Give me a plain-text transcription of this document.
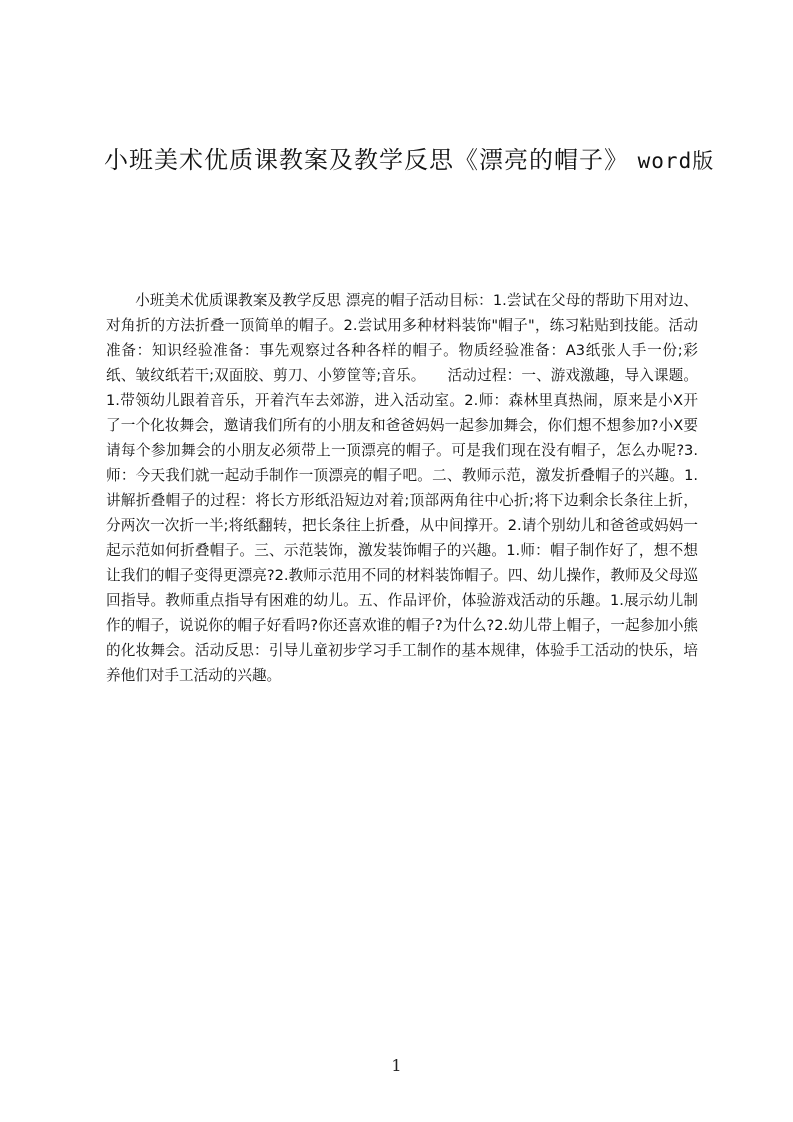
小班美术优质课教案及教学反思《漂亮的帽子》 word版
小班美术优质课教案及教学反思 漂亮的帽子活动目标：1.尝试在父母的帮助下用对边、对角折的方法折叠一顶简单的帽子。2.尝试用多种材料装饰"帽子"，练习粘贴到技能。活动准备：知识经验准备：事先观察过各种各样的帽子。物质经验准备：A3纸张人手一份;彩纸、皱纹纸若干;双面胶、剪刀、小箩筐等;音乐。　　活动过程：一、游戏激趣，导入课题。1.带领幼儿跟着音乐，开着汽车去郊游，进入活动室。2.师：森林里真热闹，原来是小X开了一个化妆舞会，邀请我们所有的小朋友和爸爸妈妈一起参加舞会，你们想不想参加?小X要请每个参加舞会的小朋友必须带上一顶漂亮的帽子。可是我们现在没有帽子，怎么办呢?3.师：今天我们就一起动手制作一顶漂亮的帽子吧。二、教师示范，激发折叠帽子的兴趣。1.讲解折叠帽子的过程：将长方形纸沿短边对着;顶部两角往中心折;将下边剩余长条往上折，分两次一次折一半;将纸翻转，把长条往上折叠，从中间撑开。2.请个别幼儿和爸爸或妈妈一起示范如何折叠帽子。三、示范装饰，激发装饰帽子的兴趣。1.师：帽子制作好了，想不想让我们的帽子变得更漂亮?2.教师示范用不同的材料装饰帽子。四、幼儿操作，教师及父母巡回指导。教师重点指导有困难的幼儿。五、作品评价，体验游戏活动的乐趣。1.展示幼儿制作的帽子，说说你的帽子好看吗?你还喜欢谁的帽子?为什么?2.幼儿带上帽子，一起参加小熊的化妆舞会。活动反思：引导儿童初步学习手工制作的基本规律，体验手工活动的快乐，培养他们对手工活动的兴趣。
1
